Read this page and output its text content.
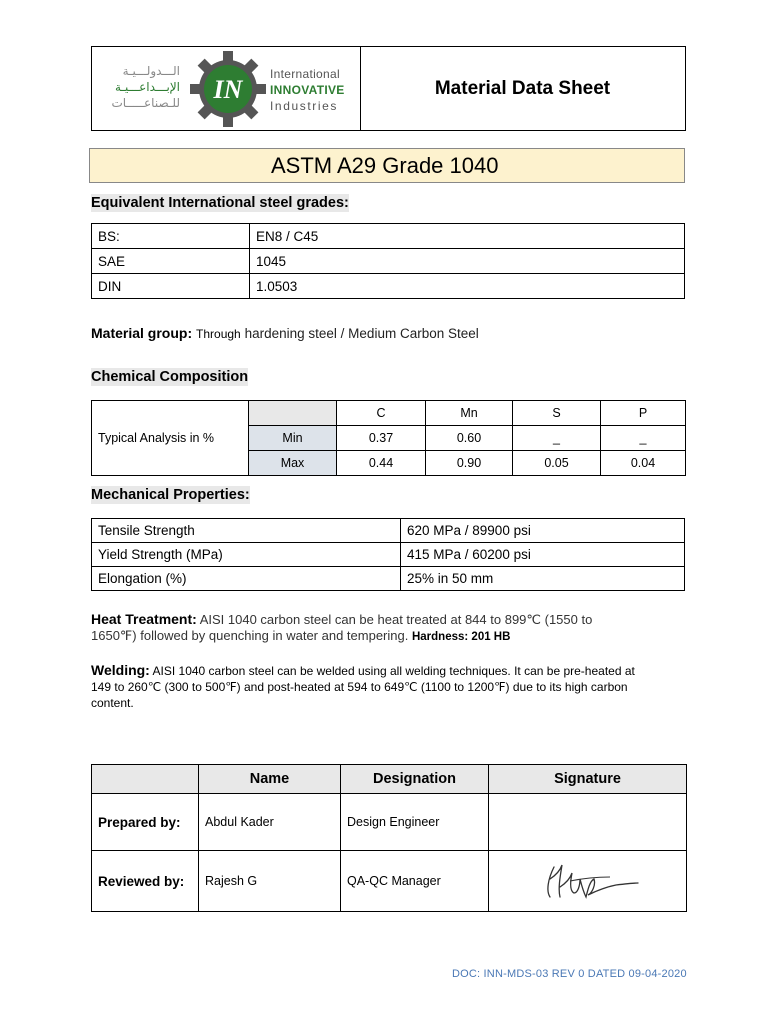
الـــدولـــيـة
الإبـــداعـــيـة
للـصناعـــــات IN
International
INNOVATIVE
Industries
Material Data Sheet
ASTM A29 Grade 1040
Equivalent International steel grades:
BS:	EN8 / C45
SAE	1045
DIN	1.0503
Material group: Through hardening steel / Medium Carbon Steel
Chemical Composition
Typical Analysis in %		C	Mn	S	P
	Min	0.37	0.60	_	_
	Max	0.44	0.90	0.05	0.04
Mechanical Properties:
Tensile Strength	620 MPa / 89900 psi
Yield Strength (MPa)	415 MPa / 60200 psi
Elongation (%)	25% in 50 mm
Heat Treatment: AISI 1040 carbon steel can be heat treated at 844 to 899℃ (1550 to
1650℉) followed by quenching in water and tempering. Hardness: 201 HB
Welding: AISI 1040 carbon steel can be welded using all welding techniques. It can be pre-heated at
149 to 260℃ (300 to 500℉) and post-heated at 594 to 649℃ (1100 to 1200℉) due to its high carbon
content.
	Name	Designation	Signature
Prepared by:	Abdul Kader	Design Engineer	
Reviewed by:	Rajesh G	QA-QC Manager	
DOC: INN-MDS-03 REV 0 DATED 09-04-2020
